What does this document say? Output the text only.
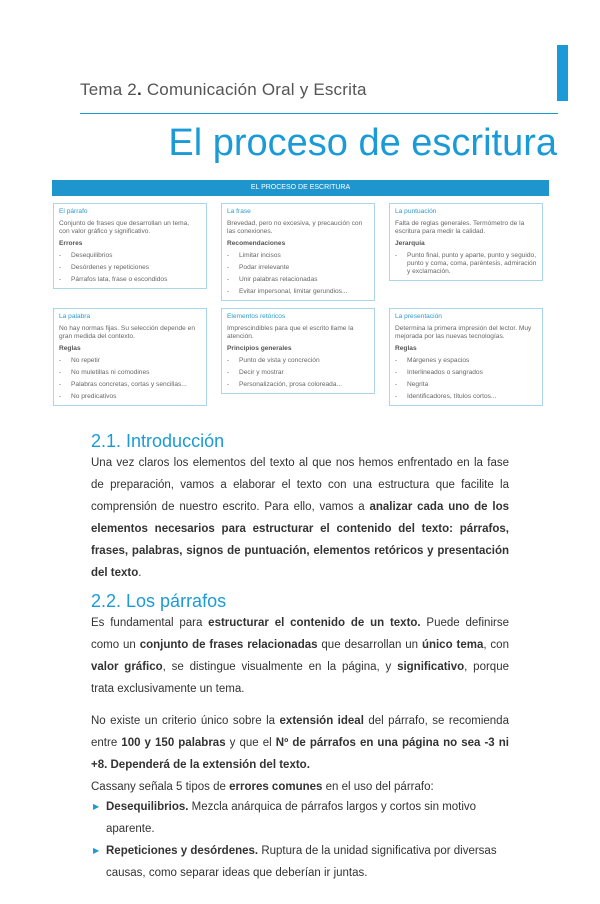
Tema 2. Comunicación Oral y Escrita
El proceso de escritura
EL PROCESO DE ESCRITURA
El párrafo
Conjunto de frases que desarrollan un tema, con valor gráfico y significativo.
Errores
-	Desequilibrios
-	Desórdenes y repeticiones
-	Párrafos lata, frase o escondidos
La frase
Brevedad, pero no excesiva, y precaución con las conexiones.
Recomendaciones
-	Limitar incisos
-	Podar irrelevante
-	Unir palabras relacionadas
-	Evitar impersonal, limitar gerundios...
La puntuación
Falta de reglas generales. Termómetro de la escritura para medir la calidad.
Jerarquía
-	Punto final, punto y aparte, punto y seguido, punto y coma, coma, paréntesis, admiración y exclamación.
La palabra
No hay normas fijas. Su selección depende en gran medida del contexto.
Reglas
-	No repetir
-	No muletillas ni comodines
-	Palabras concretas, cortas y sencillas...
-	No predicativos
Elementos retóricos
Imprescindibles para que el escrito llame la atención.
Principios generales
-	Punto de vista y concreción
-	Decir y mostrar
-	Personalización, prosa coloreada...
La presentación
Determina la primera impresión del lector. Muy mejorada por las nuevas tecnologías.
Reglas
-	Márgenes y espacios
-	Interlineados o sangrados
-	Negrita
-	Identificadores, títulos cortos...
2.1. Introducción
Una vez claros los elementos del texto al que nos hemos enfrentado en la fase de preparación, vamos a elaborar el texto con una estructura que facilite la comprensión de nuestro escrito. Para ello, vamos a analizar cada uno de los elementos necesarios para estructurar el contenido del texto: párrafos, frases, palabras, signos de puntuación, elementos retóricos y presentación del texto.
2.2. Los párrafos
Es fundamental para estructurar el contenido de un texto. Puede definirse como un conjunto de frases relacionadas que desarrollan un único tema, con valor gráfico, se distingue visualmente en la página, y significativo, porque trata exclusivamente un tema.
No existe un criterio único sobre la extensión ideal del párrafo, se recomienda entre 100 y 150 palabras y que el Nº de párrafos en una página no sea -3 ni +8. Dependerá de la extensión del texto.
Cassany señala 5 tipos de errores comunes en el uso del párrafo:
▶ Desequilibrios. Mezcla anárquica de párrafos largos y cortos sin motivo aparente.
▶ Repeticiones y desórdenes. Ruptura de la unidad significativa por diversas causas, como separar ideas que deberían ir juntas.
